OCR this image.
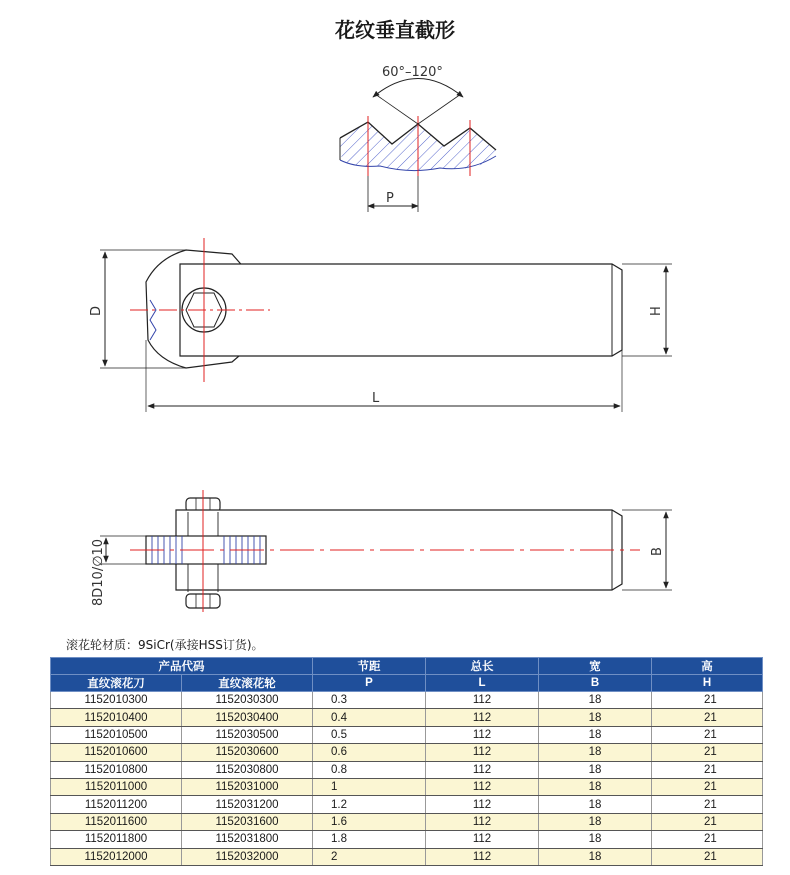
花纹垂直截形
60°–120°
P
D	H
L
8D10/∅10	B
滚花轮材质：9SiCr(承接HSS订货)。
产品代码		节距	总长	宽	高
直纹滚花刀	直纹滚花轮	P	L	B	H
1152010300	1152030300	0.3	112	18	21
1152010400	1152030400	0.4	112	18	21
1152010500	1152030500	0.5	112	18	21
1152010600	1152030600	0.6	112	18	21
1152010800	1152030800	0.8	112	18	21
1152011000	1152031000	1	112	18	21
1152011200	1152031200	1.2	112	18	21
1152011600	1152031600	1.6	112	18	21
1152011800	1152031800	1.8	112	18	21
1152012000	1152032000	2	112	18	21
